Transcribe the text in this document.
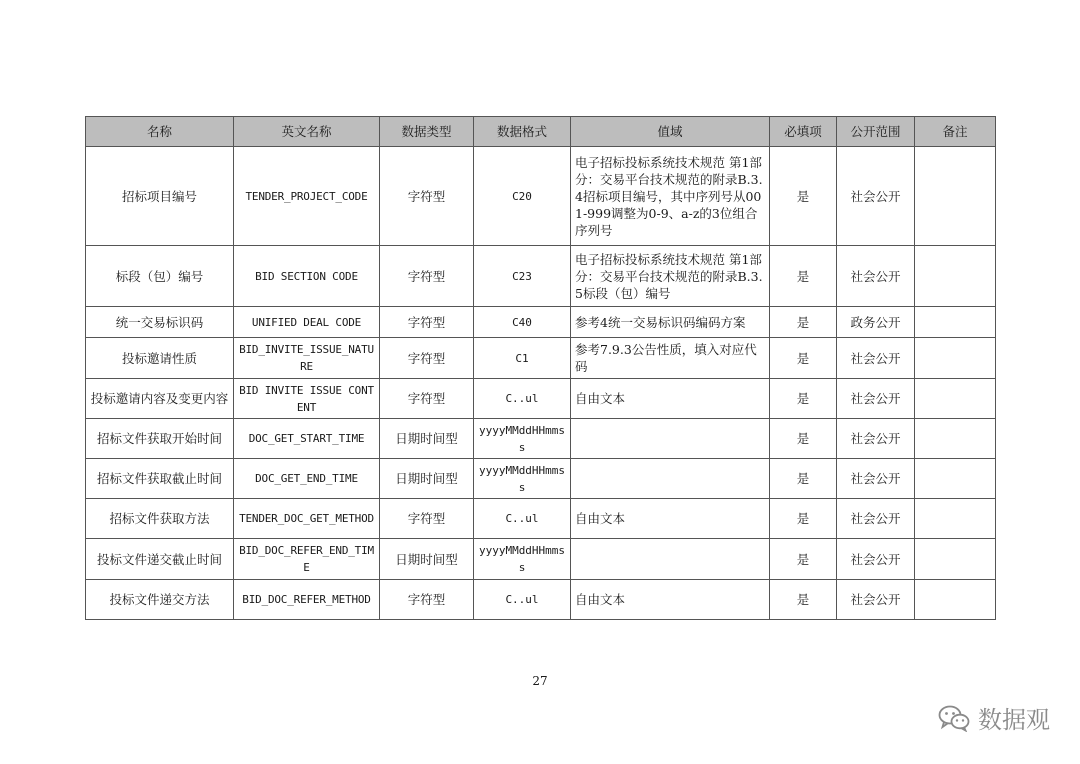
名称	英文名称	数据类型	数据格式	值域	必填项	公开范围	备注
招标项目编号	TENDER_PROJECT_CODE	字符型	C20	电子招标投标系统技术规范 第1部分：交易平台技术规范的附录B.3.4招标项目编号，其中序列号从001-999调整为0-9、a-z的3位组合序列号	是	社会公开	
标段（包）编号	BID SECTION CODE	字符型	C23	电子招标投标系统技术规范 第1部分：交易平台技术规范的附录B.3.5标段（包）编号	是	社会公开	
统一交易标识码	UNIFIED DEAL CODE	字符型	C40	参考4统一交易标识码编码方案	是	政务公开	
投标邀请性质	BID_INVITE_ISSUE_NATURE	字符型	C1	参考7.9.3公告性质，填入对应代码	是	社会公开	
投标邀请内容及变更内容	BID INVITE ISSUE CONTENT	字符型	C..ul	自由文本	是	社会公开	
招标文件获取开始时间	DOC_GET_START_TIME	日期时间型	yyyyMMddHHmmss		是	社会公开	
招标文件获取截止时间	DOC_GET_END_TIME	日期时间型	yyyyMMddHHmmss		是	社会公开	
招标文件获取方法	TENDER_DOC_GET_METHOD	字符型	C..ul	自由文本	是	社会公开	
投标文件递交截止时间	BID_DOC_REFER_END_TIME	日期时间型	yyyyMMddHHmmss		是	社会公开	
投标文件递交方法	BID_DOC_REFER_METHOD	字符型	C..ul	自由文本	是	社会公开	
27
数据观
